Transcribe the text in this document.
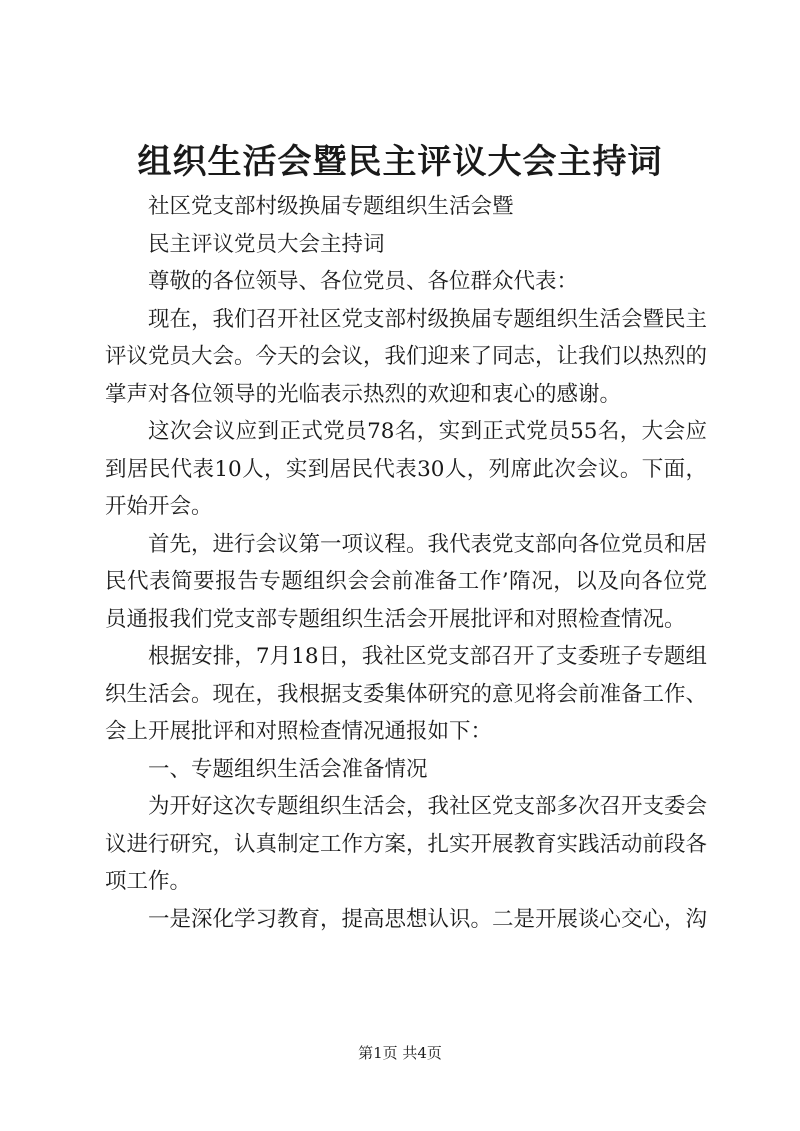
组织生活会暨民主评议大会主持词

社区党支部村级换届专题组织生活会暨

民主评议党员大会主持词

尊敬的各位领导、各位党员、各位群众代表：

现在，我们召开社区党支部村级换届专题组织生活会暨民主评议党员大会。今天的会议，我们迎来了同志，让我们以热烈的掌声对各位领导的光临表示热烈的欢迎和衷心的感谢。

这次会议应到正式党员78名，实到正式党员55名，大会应到居民代表10人，实到居民代表30人，列席此次会议。下面，开始开会。

首先，进行会议第一项议程。我代表党支部向各位党员和居民代表简要报告专题组织会会前准备工作’隋况，以及向各位党员通报我们党支部专题组织生活会开展批评和对照检查情况。

根据安排，7月18日，我社区党支部召开了支委班子专题组织生活会。现在，我根据支委集体研究的意见将会前准备工作、会上开展批评和对照检查情况通报如下：

一、专题组织生活会准备情况

为开好这次专题组织生活会，我社区党支部多次召开支委会议进行研究，认真制定工作方案，扎实开展教育实践活动前段各项工作。

一是深化学习教育，提高思想认识。二是开展谈心交心，沟

第1页 共4页
